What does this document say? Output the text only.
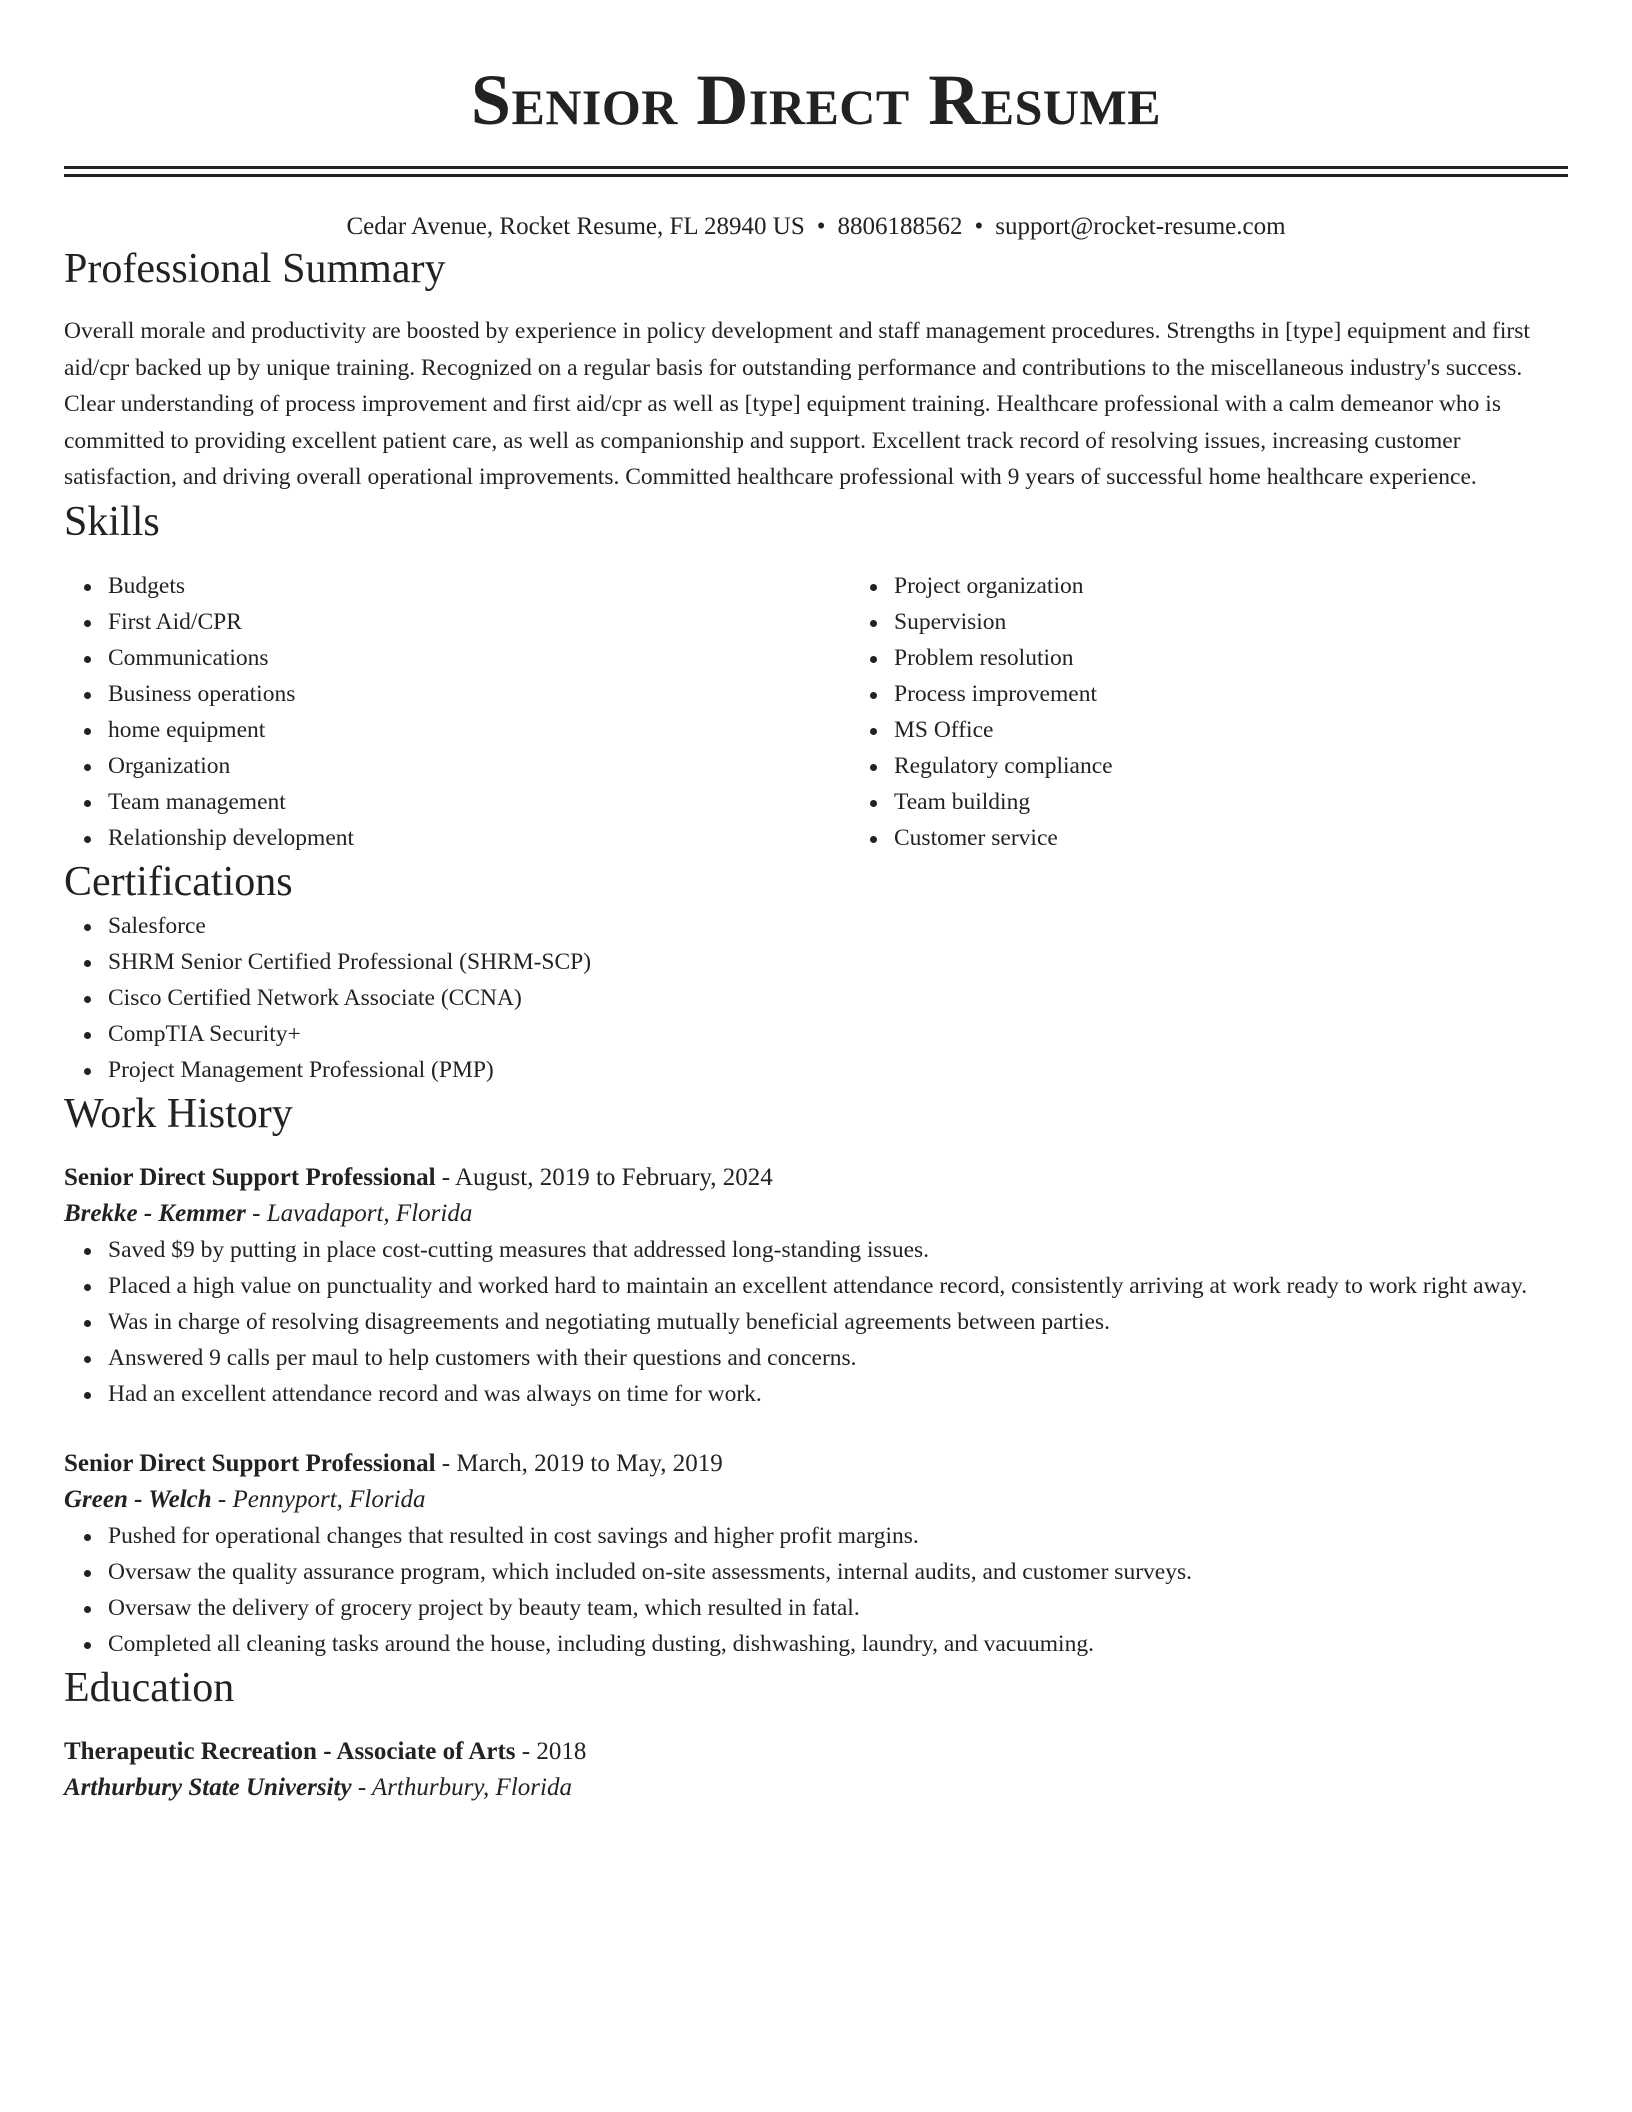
Senior Direct Resume
Cedar Avenue, Rocket Resume, FL 28940 US • 8806188562 • support@rocket-resume.com
Professional Summary

Overall morale and productivity are boosted by experience in policy development and staff management procedures. Strengths in [type] equipment and first aid/cpr backed up by unique training. Recognized on a regular basis for outstanding performance and contributions to the miscellaneous industry's success. Clear understanding of process improvement and first aid/cpr as well as [type] equipment training. Healthcare professional with a calm demeanor who is committed to providing excellent patient care, as well as companionship and support. Excellent track record of resolving issues, increasing customer satisfaction, and driving overall operational improvements. Committed healthcare professional with 9 years of successful home healthcare experience.

Skills
Budgets
First Aid/CPR
Communications
Business operations
home equipment
Organization
Team management
Relationship development
Project organization
Supervision
Problem resolution
Process improvement
MS Office
Regulatory compliance
Team building
Customer service
Certifications
Salesforce
SHRM Senior Certified Professional (SHRM-SCP)
Cisco Certified Network Associate (CCNA)
CompTIA Security+
Project Management Professional (PMP)
Work History
Senior Direct Support Professional - August, 2019 to February, 2024
Brekke - Kemmer - Lavadaport, Florida
Saved $9 by putting in place cost-cutting measures that addressed long-standing issues.
Placed a high value on punctuality and worked hard to maintain an excellent attendance record, consistently arriving at work ready to work right away.
Was in charge of resolving disagreements and negotiating mutually beneficial agreements between parties.
Answered 9 calls per maul to help customers with their questions and concerns.
Had an excellent attendance record and was always on time for work.
Senior Direct Support Professional - March, 2019 to May, 2019
Green - Welch - Pennyport, Florida
Pushed for operational changes that resulted in cost savings and higher profit margins.
Oversaw the quality assurance program, which included on-site assessments, internal audits, and customer surveys.
Oversaw the delivery of grocery project by beauty team, which resulted in fatal.
Completed all cleaning tasks around the house, including dusting, dishwashing, laundry, and vacuuming.
Education
Therapeutic Recreation - Associate of Arts - 2018
Arthurbury State University - Arthurbury, Florida
